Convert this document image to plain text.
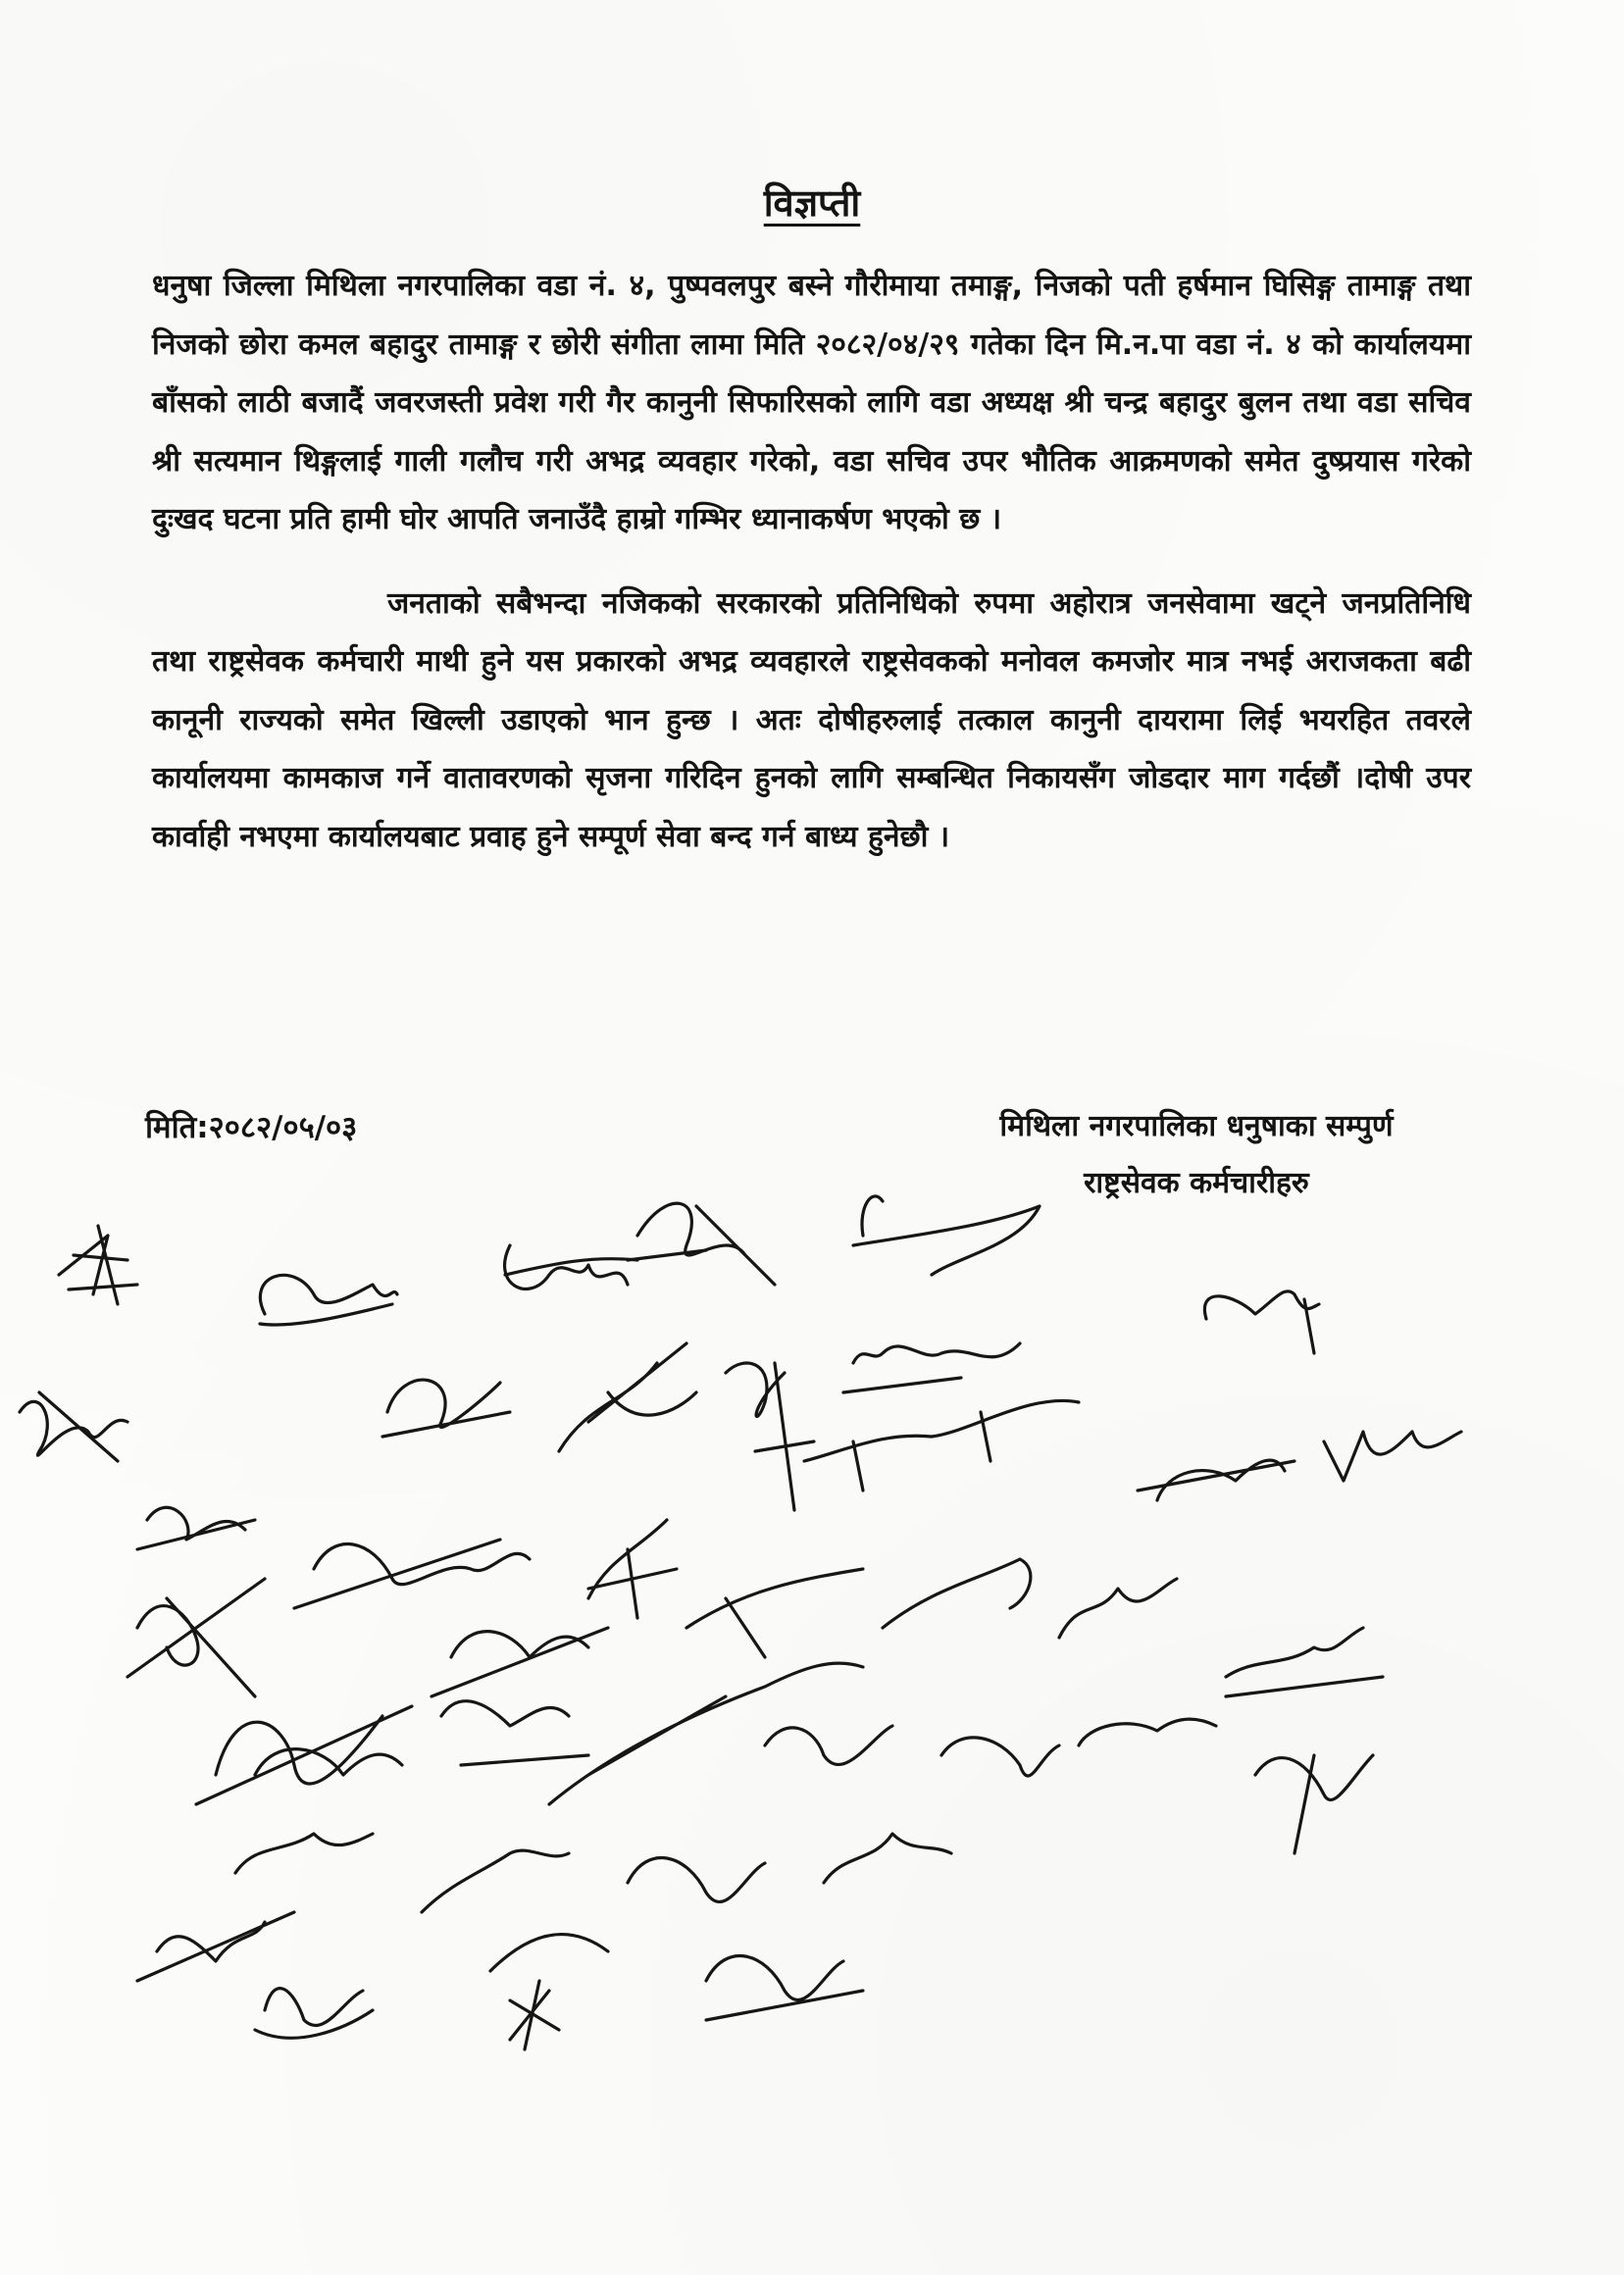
विज्ञप्ती

धनुषा जिल्ला मिथिला नगरपालिका वडा नं. ४, पुष्पवलपुर बस्ने गौरीमाया तमाङ्ग, निजको पती हर्षमान घिसिङ्ग तामाङ्ग तथा निजको छोरा कमल बहादुर तामाङ्ग र छोरी संगीता लामा मिति २०८२/०४/२९ गतेका दिन मि.न.पा वडा नं. ४ को कार्यालयमा बाँसको लाठी बजादैं जवरजस्ती प्रवेश गरी गैर कानुनी सिफारिसको लागि वडा अध्यक्ष श्री चन्द्र बहादुर बुलन तथा वडा सचिव श्री सत्यमान थिङ्गलाई गाली गलौच गरी अभद्र व्यवहार गरेको, वडा सचिव उपर भौतिक आक्रमणको समेत दुष्प्रयास गरेको दुःखद घटना प्रति हामी घोर आपति जनाउँदै हाम्रो गम्भिर ध्यानाकर्षण भएको छ ।

जनताको सबैभन्दा नजिकको सरकारको प्रतिनिधिको रुपमा अहोरात्र जनसेवामा खट्ने जनप्रतिनिधि तथा राष्ट्रसेवक कर्मचारी माथी हुने यस प्रकारको अभद्र व्यवहारले राष्ट्रसेवकको मनोवल कमजोर मात्र नभई अराजकता बढी कानूनी राज्यको समेत खिल्ली उडाएको भान हुन्छ । अतः दोषीहरुलाई तत्काल कानुनी दायरामा लिई भयरहित तवरले कार्यालयमा कामकाज गर्ने वातावरणको सृजना गरिदिन हुनको लागि सम्बन्धित निकायसँग जोडदार माग गर्दछौं ।दोषी उपर कार्वाही नभएमा कार्यालयबाट प्रवाह हुने सम्पूर्ण सेवा बन्द गर्न बाध्य हुनेछौ ।

मिति:२०८२/०५/०३	मिथिला नगरपालिका धनुषाका सम्पुर्ण
राष्ट्रसेवक कर्मचारीहरु
